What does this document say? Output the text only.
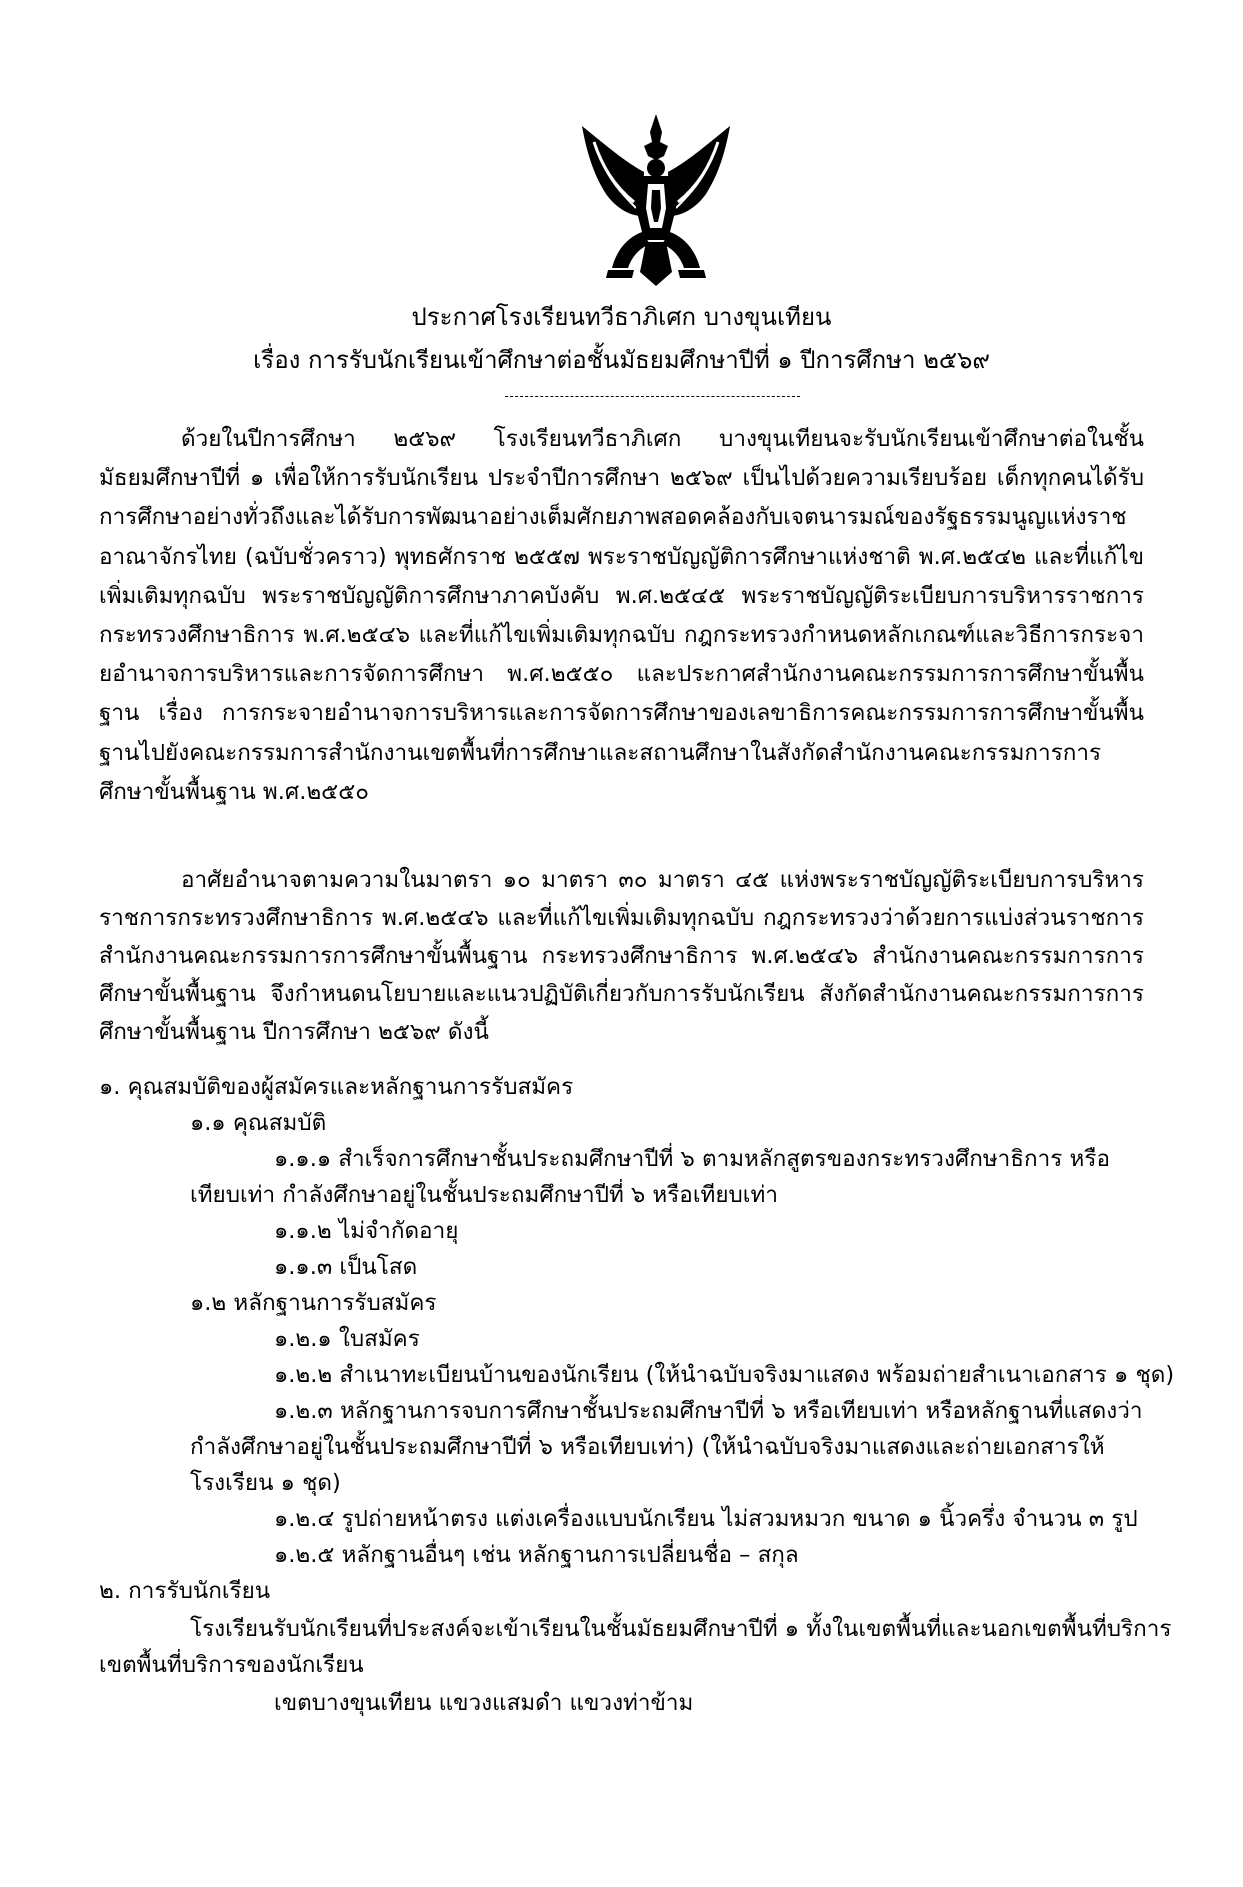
ประกาศโรงเรียนทวีธาภิเศก บางขุนเทียน
เรื่อง การรับนักเรียนเข้าศึกษาต่อชั้นมัธยมศึกษาปีที่ ๑ ปีการศึกษา ๒๕๖๙
ด้วยในปีการศึกษา ๒๕๖๙ โรงเรียนทวีธาภิเศก บางขุนเทียนจะรับนักเรียนเข้าศึกษาต่อในชั้นมัธยมศึกษาปีที่ ๑ เพื่อให้การรับนักเรียน ประจำปีการศึกษา ๒๕๖๙ เป็นไปด้วยความเรียบร้อย เด็กทุกคนได้รับการศึกษาอย่างทั่วถึงและได้รับการพัฒนาอย่างเต็มศักยภาพสอดคล้องกับเจตนารมณ์ของรัฐธรรมนูญแห่งราชอาณาจักรไทย (ฉบับชั่วคราว) พุทธศักราช ๒๕๕๗ พระราชบัญญัติการศึกษาแห่งชาติ พ.ศ.๒๕๔๒ และที่แก้ไขเพิ่มเติมทุกฉบับ พระราชบัญญัติการศึกษาภาคบังคับ พ.ศ.๒๕๔๕ พระราชบัญญัติระเบียบการบริหารราชการกระทรวงศึกษาธิการ พ.ศ.๒๕๔๖ และที่แก้ไขเพิ่มเติมทุกฉบับ กฎกระทรวงกำหนดหลักเกณฑ์และวิธีการกระจายอำนาจการบริหารและการจัดการศึกษา พ.ศ.๒๕๕๐ และประกาศสำนักงานคณะกรรมการการศึกษาขั้นพื้นฐาน เรื่อง การกระจายอำนาจการบริหารและการจัดการศึกษาของเลขาธิการคณะกรรมการการศึกษาขั้นพื้นฐานไปยังคณะกรรมการสำนักงานเขตพื้นที่การศึกษาและสถานศึกษาในสังกัดสำนักงานคณะกรรมการการศึกษาขั้นพื้นฐาน พ.ศ.๒๕๕๐
อาศัยอำนาจตามความในมาตรา ๑๐ มาตรา ๓๐ มาตรา ๔๕ แห่งพระราชบัญญัติระเบียบการบริหารราชการกระทรวงศึกษาธิการ พ.ศ.๒๕๔๖ และที่แก้ไขเพิ่มเติมทุกฉบับ กฎกระทรวงว่าด้วยการแบ่งส่วนราชการสำนักงานคณะกรรมการการศึกษาขั้นพื้นฐาน กระทรวงศึกษาธิการ พ.ศ.๒๕๔๖ สำนักงานคณะกรรมการการศึกษาขั้นพื้นฐาน จึงกำหนดนโยบายและแนวปฏิบัติเกี่ยวกับการรับนักเรียน สังกัดสำนักงานคณะกรรมการการศึกษาขั้นพื้นฐาน ปีการศึกษา ๒๕๖๙ ดังนี้
๑. คุณสมบัติของผู้สมัครและหลักฐานการรับสมัคร
๑.๑ คุณสมบัติ
๑.๑.๑ สำเร็จการศึกษาชั้นประถมศึกษาปีที่ ๖ ตามหลักสูตรของกระทรวงศึกษาธิการ หรือ
เทียบเท่า กำลังศึกษาอยู่ในชั้นประถมศึกษาปีที่ ๖ หรือเทียบเท่า
๑.๑.๒ ไม่จำกัดอายุ
๑.๑.๓ เป็นโสด
๑.๒ หลักฐานการรับสมัคร
๑.๒.๑ ใบสมัคร
๑.๒.๒ สำเนาทะเบียนบ้านของนักเรียน (ให้นำฉบับจริงมาแสดง พร้อมถ่ายสำเนาเอกสาร ๑ ชุด)
๑.๒.๓ หลักฐานการจบการศึกษาชั้นประถมศึกษาปีที่ ๖ หรือเทียบเท่า หรือหลักฐานที่แสดงว่า
กำลังศึกษาอยู่ในชั้นประถมศึกษาปีที่ ๖ หรือเทียบเท่า) (ให้นำฉบับจริงมาแสดงและถ่ายเอกสารให้
โรงเรียน ๑ ชุด)
๑.๒.๔ รูปถ่ายหน้าตรง แต่งเครื่องแบบนักเรียน ไม่สวมหมวก ขนาด ๑ นิ้วครึ่ง จำนวน ๓ รูป
๑.๒.๕ หลักฐานอื่นๆ เช่น หลักฐานการเปลี่ยนชื่อ – สกุล
๒. การรับนักเรียน
โรงเรียนรับนักเรียนที่ประสงค์จะเข้าเรียนในชั้นมัธยมศึกษาปีที่ ๑ ทั้งในเขตพื้นที่และนอกเขตพื้นที่บริการ
เขตพื้นที่บริการของนักเรียน
เขตบางขุนเทียน แขวงแสมดำ แขวงท่าข้าม
